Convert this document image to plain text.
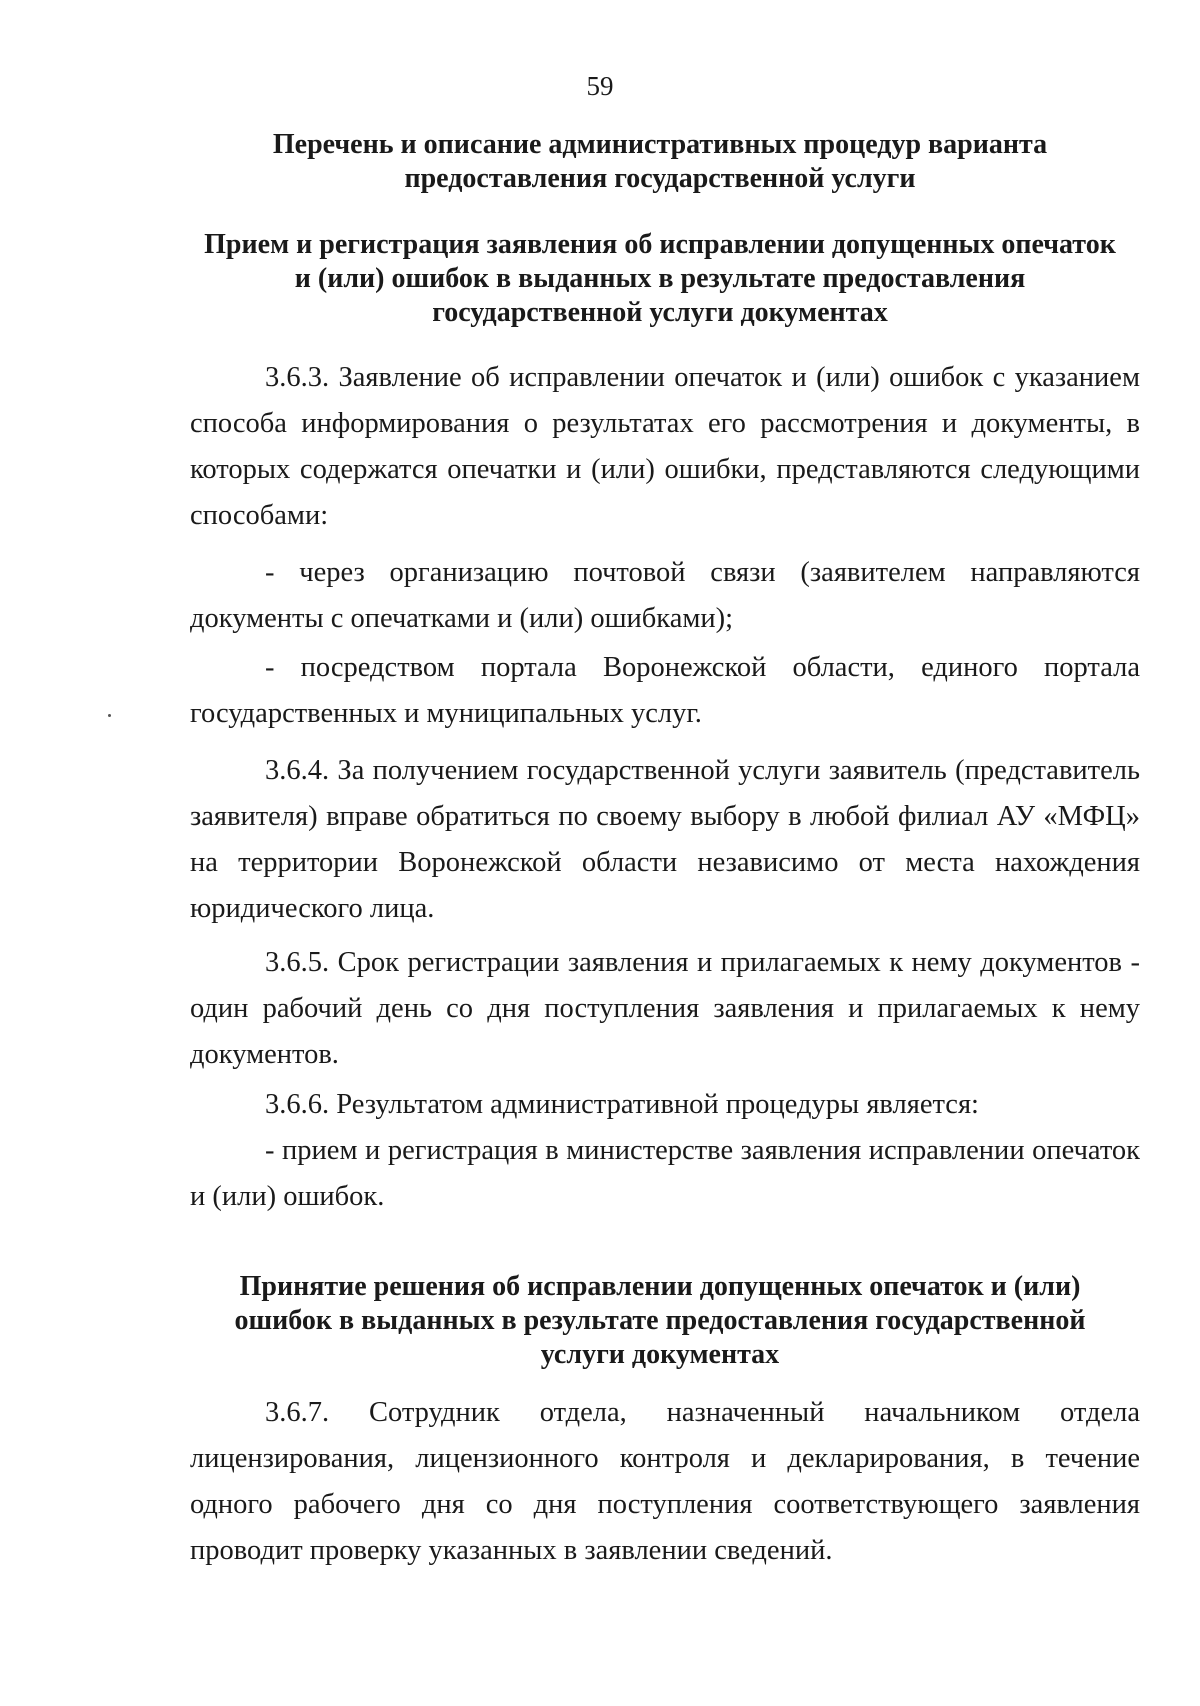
59
Перечень и описание административных процедур варианта
предоставления государственной услуги
Прием и регистрация заявления об исправлении допущенных опечаток
и (или) ошибок в выданных в результате предоставления
государственной услуги документах

3.6.3. Заявление об исправлении опечаток и (или) ошибок с указанием способа информирования о результатах его рассмотрения и документы, в которых содержатся опечатки и (или) ошибки, представляются следующими способами:

- через организацию почтовой связи (заявителем направляются документы с опечатками и (или) ошибками);

- посредством портала Воронежской области, единого портала государственных и муниципальных услуг.

3.6.4. За получением государственной услуги заявитель (представитель заявителя) вправе обратиться по своему выбору в любой филиал АУ «МФЦ» на территории Воронежской области независимо от места нахождения юридического лица.

3.6.5. Срок регистрации заявления и прилагаемых к нему документов - один рабочий день со дня поступления заявления и прилагаемых к нему документов.

3.6.6. Результатом административной процедуры является:

- прием и регистрация в министерстве заявления исправлении опечаток и (или) ошибок.

Принятие решения об исправлении допущенных опечаток и (или)
ошибок в выданных в результате предоставления государственной
услуги документах

3.6.7. Сотрудник отдела, назначенный начальником отдела лицензирования, лицензионного контроля и декларирования, в течение одного рабочего дня со дня поступления соответствующего заявления проводит проверку указанных в заявлении сведений.
